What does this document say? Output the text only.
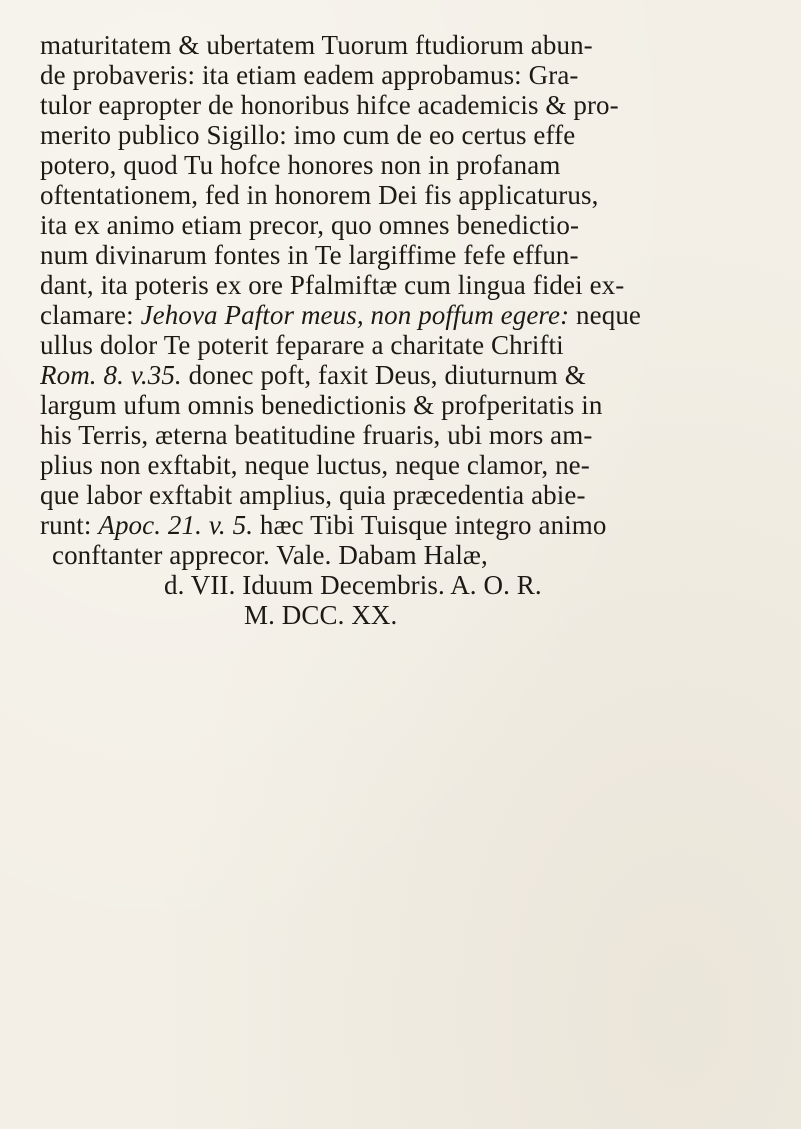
maturitatem & ubertatem Tuorum ftudiorum abun-
de probaveris: ita etiam eadem approbamus: Gra-
tulor eapropter de honoribus hifce academicis & pro-
merito publico Sigillo: imo cum de eo certus effe
potero, quod Tu hofce honores non in profanam
oftentationem, fed in honorem Dei fis applicaturus,
ita ex animo etiam precor, quo omnes benedictio-
num divinarum fontes in Te largiffime fefe effun-
dant, ita poteris ex ore Pfalmiftæ cum lingua fidei ex-
clamare: Jehova Paftor meus, non poffum egere: neque
ullus dolor Te poterit feparare a charitate Chrifti
Rom. 8. v.35. donec poft, faxit Deus, diuturnum &
largum ufum omnis benedictionis & profperitatis in
his Terris, æterna beatitudine fruaris, ubi mors am-
plius non exftabit, neque luctus, neque clamor, ne-
que labor exftabit amplius, quia præcedentia abie-
runt: Apoc. 21. v. 5. hæc Tibi Tuisque integro animo
conftanter apprecor. Vale. Dabam Halæ,
d. VII. Iduum Decembris. A. O. R.
M. DCC. XX.
